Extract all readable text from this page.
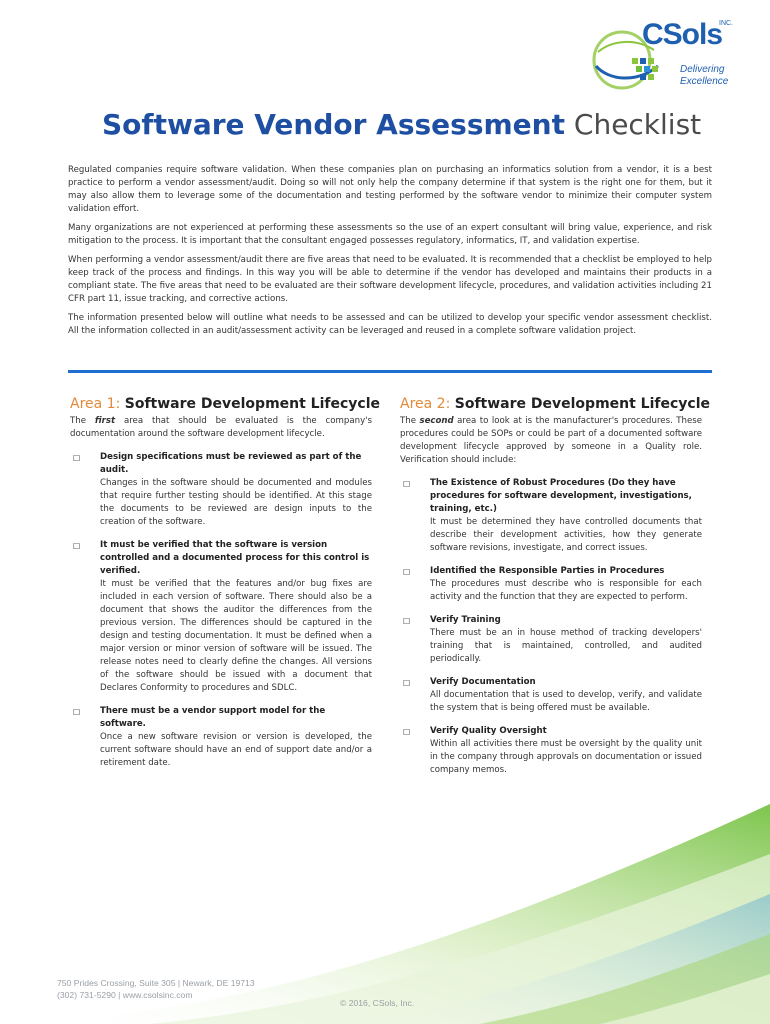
CSols
INC.
Delivering
Excellence
Software Vendor Assessment Checklist

Regulated companies require software validation. When these companies plan on purchasing an informatics solution from a vendor, it is a best practice to perform a vendor assessment/audit. Doing so will not only help the company determine if that system is the right one for them, but it may also allow them to leverage some of the documentation and testing performed by the software vendor to minimize their computer system validation effort.

Many organizations are not experienced at performing these assessments so the use of an expert consultant will bring value, experience, and risk mitigation to the process. It is important that the consultant engaged possesses regulatory, informatics, IT, and validation expertise.

When performing a vendor assessment/audit there are five areas that need to be evaluated. It is recommended that a checklist be employed to help keep track of the process and findings. In this way you will be able to determine if the vendor has developed and maintains their products in a compliant state. The five areas that need to be evaluated are their software development lifecycle, procedures, and validation activities including 21 CFR part 11, issue tracking, and corrective actions.

The information presented below will outline what needs to be assessed and can be utilized to develop your specific vendor assessment checklist. All the information collected in an audit/assessment activity can be leveraged and reused in a complete software validation project.

Area 1: Software Development Lifecycle

The first area that should be evaluated is the company's documentation around the software development lifecycle.

☐ Design specifications must be reviewed as part of the audit.
Changes in the software should be documented and modules that require further testing should be identified. At this stage the documents to be reviewed are design inputs to the creation of the software.
☐ It must be verified that the software is version controlled and a documented process for this control is verified.
It must be verified that the features and/or bug fixes are included in each version of software. There should also be a document that shows the auditor the differences from the previous version. The differences should be captured in the design and testing documentation. It must be defined when a major version or minor version of software will be issued. The release notes need to clearly define the changes. All versions of the software should be issued with a document that Declares Conformity to procedures and SDLC.
☐ There must be a vendor support model for the software.
Once a new software revision or version is developed, the current software should have an end of support date and/or a retirement date.
Area 2: Software Development Lifecycle

The second area to look at is the manufacturer's procedures. These procedures could be SOPs or could be part of a documented software development lifecycle approved by someone in a Quality role. Verification should include:

☐ The Existence of Robust Procedures (Do they have procedures for software development, investigations, training, etc.)
It must be determined they have controlled documents that describe their development activities, how they generate software revisions, investigate, and correct issues.
☐ Identified the Responsible Parties in Procedures
The procedures must describe who is responsible for each activity and the function that they are expected to perform.
☐ Verify Training
There must be an in house method of tracking developers' training that is maintained, controlled, and audited periodically.
☐ Verify Documentation
All documentation that is used to develop, verify, and validate the system that is being offered must be available.
☐ Verify Quality Oversight
Within all activities there must be oversight by the quality unit in the company through approvals on documentation or issued company memos.
750 Prides Crossing, Suite 305 | Newark, DE 19713
(302) 731-5290 | www.csolsinc.com
© 2016, CSols, Inc.
